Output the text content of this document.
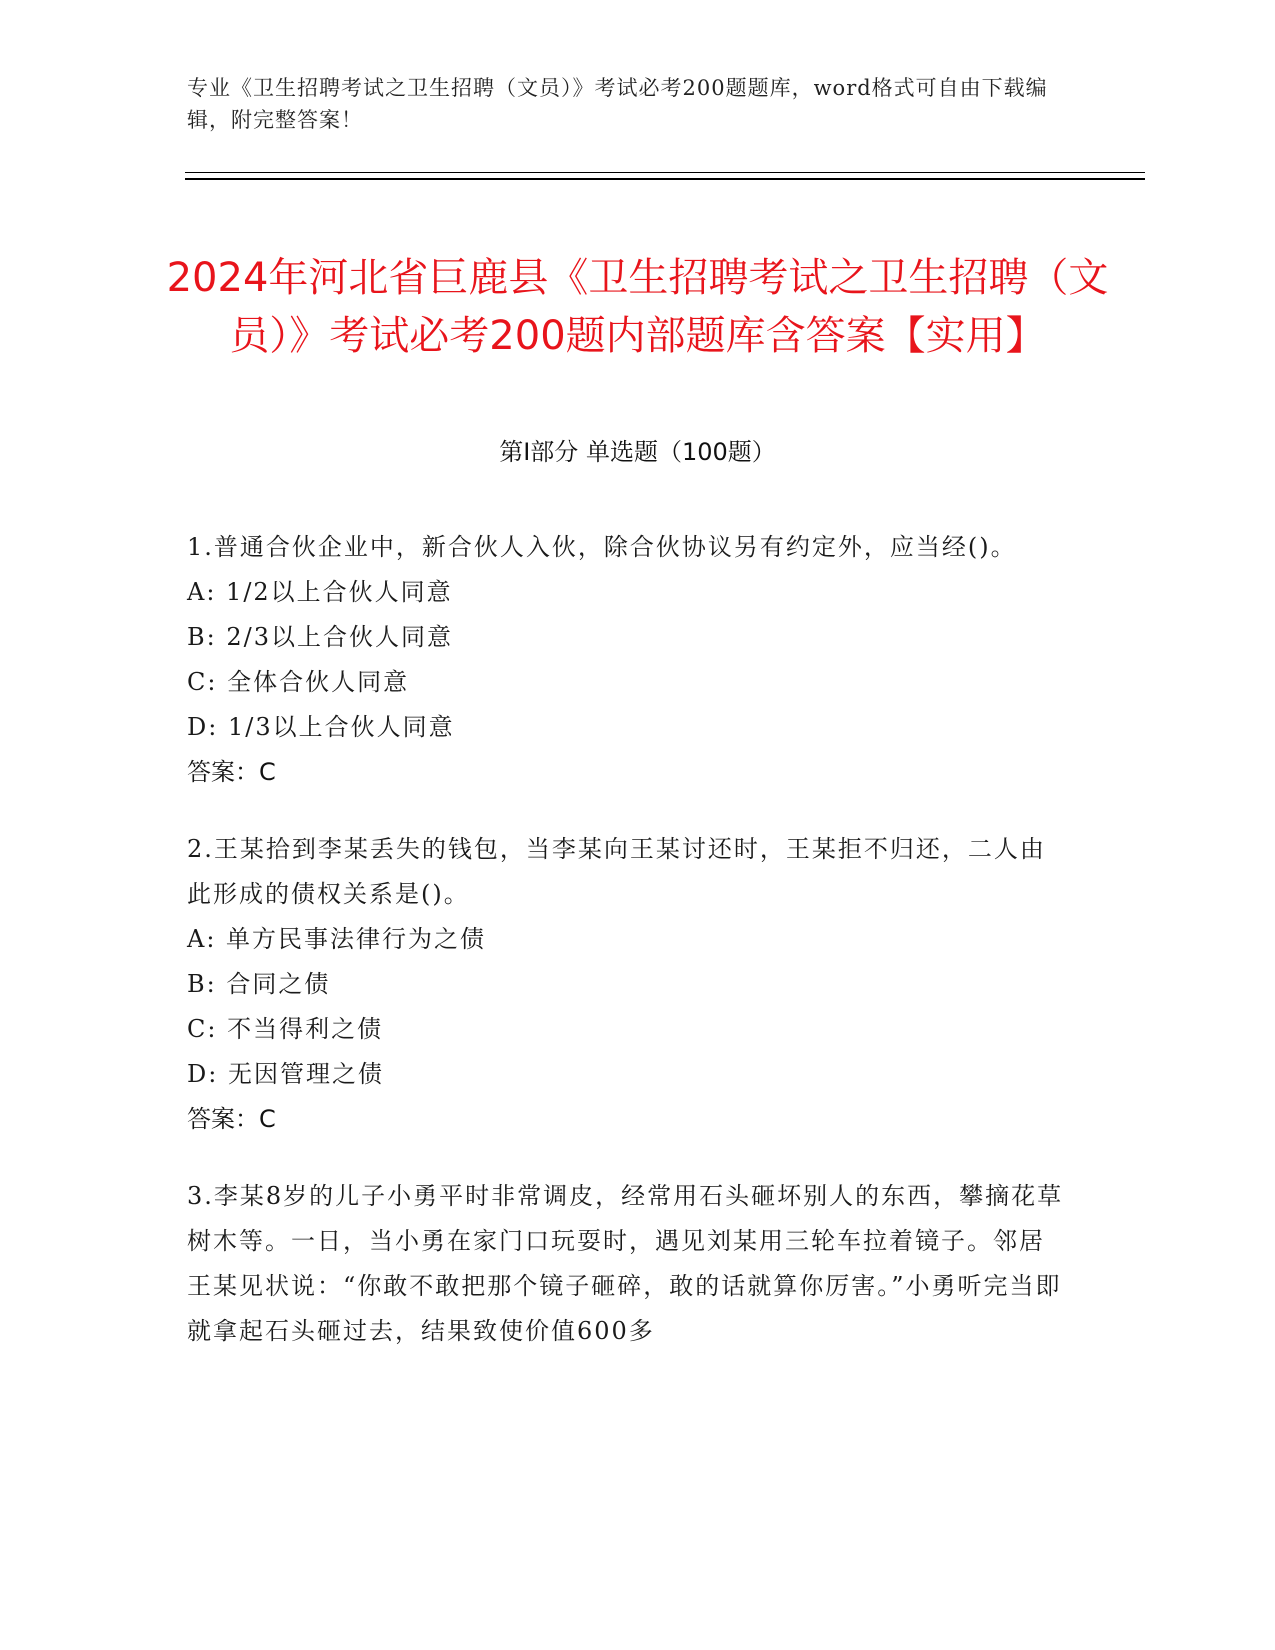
专业《卫生招聘考试之卫生招聘（文员）》考试必考200题题库，word格式可自由下载编辑，附完整答案！
2024年河北省巨鹿县《卫生招聘考试之卫生招聘（文员）》考试必考200题内部题库含答案【实用】
第Ⅰ部分 单选题（100题）
1.普通合伙企业中，新合伙人入伙，除合伙协议另有约定外，应当经()。
A: 1/2以上合伙人同意
B: 2/3以上合伙人同意
C: 全体合伙人同意
D: 1/3以上合伙人同意
答案：C
2.王某拾到李某丢失的钱包，当李某向王某讨还时，王某拒不归还，二人由此形成的债权关系是()。
A: 单方民事法律行为之债
B: 合同之债
C: 不当得利之债
D: 无因管理之债
答案：C
3.李某8岁的儿子小勇平时非常调皮，经常用石头砸坏别人的东西，攀摘花草树木等。一日，当小勇在家门口玩耍时，遇见刘某用三轮车拉着镜子。邻居王某见状说：“你敢不敢把那个镜子砸碎，敢的话就算你厉害。”小勇听完当即就拿起石头砸过去，结果致使价值600多
